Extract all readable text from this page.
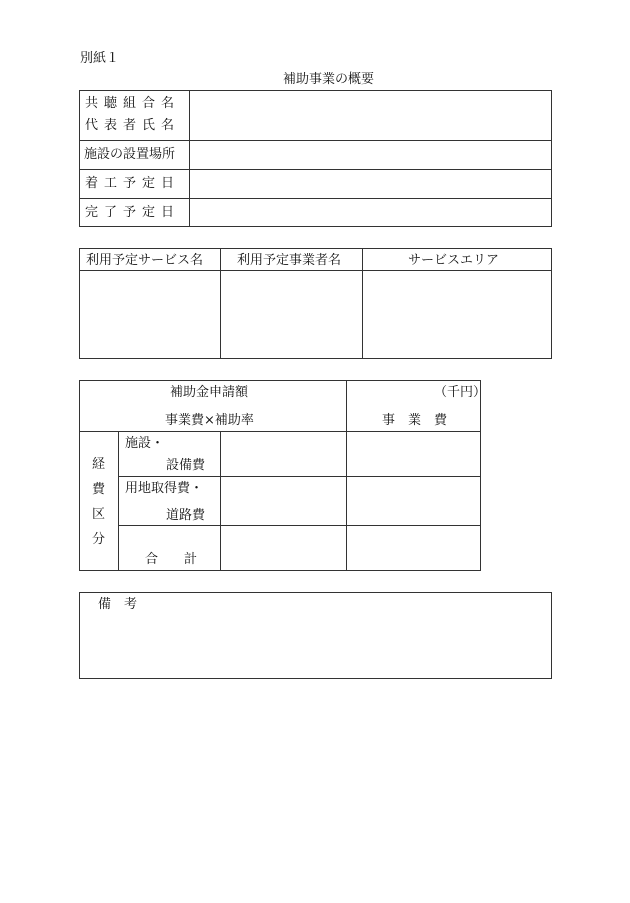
別紙１
補助事業の概要
共聴組合名
代表者氏名
施設の設置場所
着工予定日
完了予定日
利用予定サービス名	利用予定事業者名	サービスエリア
補助金申請額
事業費×補助率
（千円）
事　業　費
経
費
区
分
施設・
設備費
用地取得費・
道路費
合　　計
備　考
